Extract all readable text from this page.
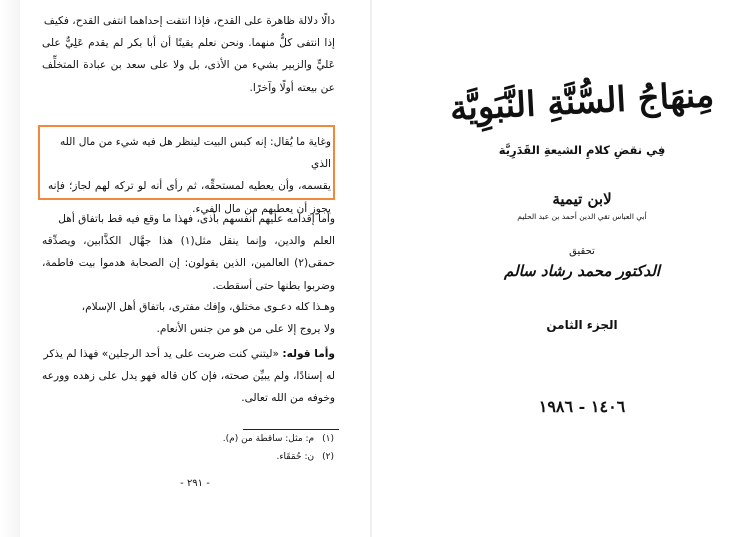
دالًا دلالة ظاهرة على القدح، فإذا انتفت إحداهما انتفى القدح، فكيف
إذا انتفى كلٌّ منهما. ونحن نعلم يقينًا أن أبا بكر لم يقدم عَلِيٌّ على عَليٍّ والزبير بشيء من الأذى، بل ولا على سعد بن عبادة المتخلِّف عن بيعته أولًا وآخرًا.
وغاية ما يُقال: إنه كبس البيت لينظر هل فيه شيء من مال الله الذي
يقسمه، وأن يعطيه لمستحقِّه، ثم رأى أنه لو تركه لهم لجاز؛ فإنه يجوز أن يعطيهم من مال الفيء.
وأما إقدامه عليهم أنفسهم بأذى، فهذا ما وقع فيه قط باتفاق أهل
العلم والدين، وإنما ينقل مثل(١) هذا جهَّال الكذَّابين، ويصدِّقه حمقى(٢) العالمين، الذين يقولون: إن الصحابة هدموا بيت فاطمة، وضربوا بطنها حتى أسقطت.
وهـذا كله دعـوى مختلق، وإفك مفترى، باتفاق أهل الإسلام،
ولا يروج إلا على من هو من جنس الأنعام.
وأما قوله: «ليتني كنت ضربت على يد أحد الرجلين» فهذا لم يذكر
له إسنادًا، ولم يبيِّن صحته، فإن كان قاله فهو يدل على زهده وورعه وخوفه من الله تعالى.
(١)م: مثل: ساقطة من (م).
(٢)ن: حُمَقَاء.
- ٢٩١ -
مِنهَاجُ السُّنَّةِ النَّبَوِيَّة
فِي نقضِ كلامِ الشيعةِ القَدَرِيَّة
لابن تيمية
أبي العباس تقي الدين أحمد بن عبد الحليم
تحقيق
الدكتور محمد رشاد سالم
الجزء الثامن
١٤٠٦ - ١٩٨٦
